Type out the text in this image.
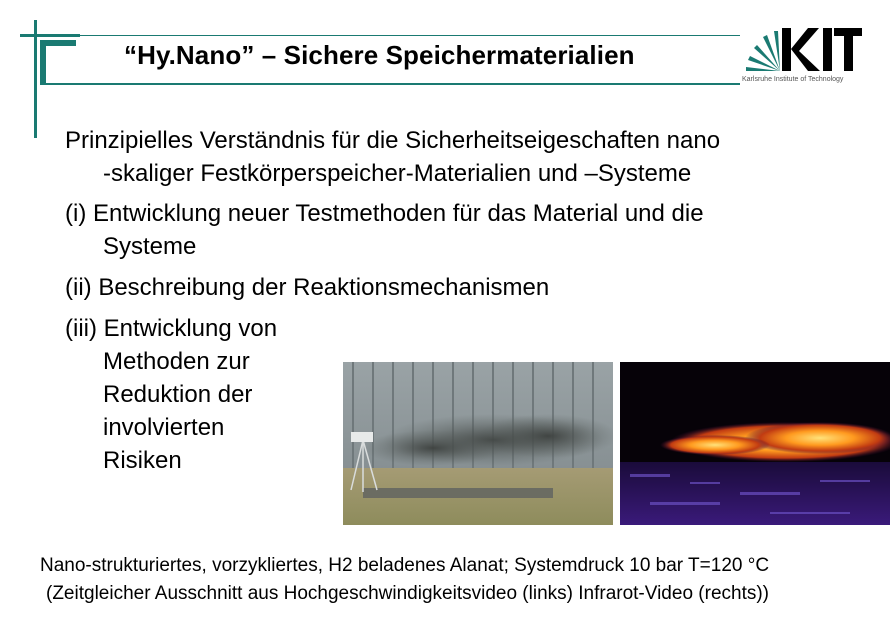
“Hy.Nano” – Sichere Speichermaterialien
Karlsruhe Institute of Technology
Prinzipielles Verständnis für die Sicherheitseigeschaften nano
-skaliger Festkörperspeicher-Materialien und –Systeme
(i) Entwicklung neuer Testmethoden für das Material und die
Systeme
(ii) Beschreibung der Reaktionsmechanismen
(iii) Entwicklung von
Methoden zur
Reduktion der
involvierten
Risiken
Nano-strukturiertes, vorzykliertes, H2 beladenes Alanat; Systemdruck 10 bar T=120 °C
(Zeitgleicher Ausschnitt aus Hochgeschwindigkeitsvideo (links) Infrarot-Video (rechts))
